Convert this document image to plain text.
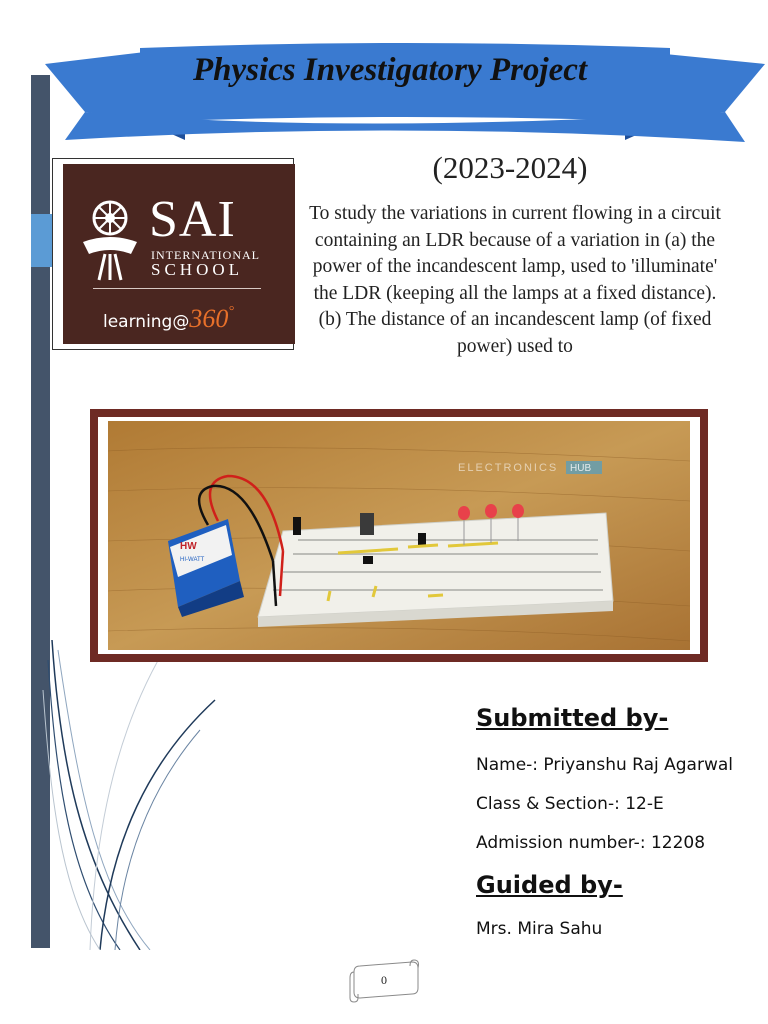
Physics Investigatory Project
SAI
INTERNATIONAL
SCHOOL
learning@360°
(2023-2024)
To study the variations in current flowing in a circuit containing an LDR because of a variation in (a) the power of the incandescent lamp, used to 'illuminate' the LDR (keeping all the lamps at a fixed distance). (b) The distance of an incandescent lamp (of fixed power) used to
HW
HI-WATT
ELECTRONICS HUB
Submitted by-
Name-: Priyanshu Raj Agarwal
Class & Section-: 12-E
Admission number-: 12208
Guided by-
Mrs. Mira Sahu
0
